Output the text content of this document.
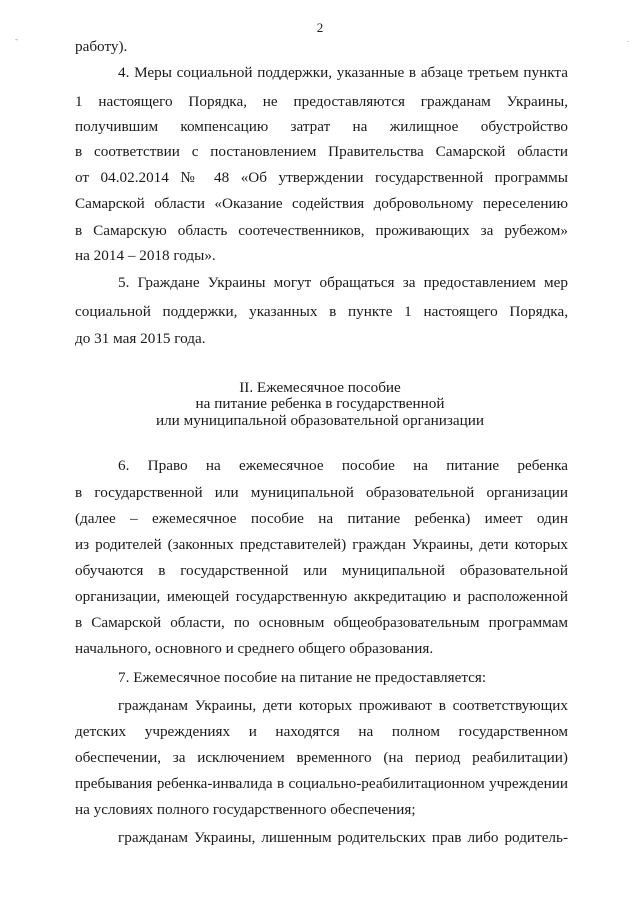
2
-	.
работу).
4. Меры социальной поддержки, указанные в абзаце третьем пункта
1 настоящего Порядка, не предоставляются гражданам Украины,
получившим компенсацию затрат на жилищное обустройство
в соответствии с постановлением Правительства Самарской области
от 04.02.2014 № 48 «Об утверждении государственной программы
Самарской области «Оказание содействия добровольному переселению
в Самарскую область соотечественников, проживающих за рубежом»
на 2014 – 2018 годы».
5. Граждане Украины могут обращаться за предоставлением мер
социальной поддержки, указанных в пункте 1 настоящего Порядка,
до 31 мая 2015 года.
II. Ежемесячное пособие
на питание ребенка в государственной
или муниципальной образовательной организации
6. Право на ежемесячное пособие на питание ребенка
в государственной или муниципальной образовательной организации
(далее – ежемесячное пособие на питание ребенка) имеет один
из родителей (законных представителей) граждан Украины, дети которых
обучаются в государственной или муниципальной образовательной
организации, имеющей государственную аккредитацию и расположенной
в Самарской области, по основным общеобразовательным программам
начального, основного и среднего общего образования.
7. Ежемесячное пособие на питание не предоставляется:
гражданам Украины, дети которых проживают в соответствующих
детских учреждениях и находятся на полном государственном
обеспечении, за исключением временного (на период реабилитации)
пребывания ребенка-инвалида в социально-реабилитационном учреждении
на условиях полного государственного обеспечения;
гражданам Украины, лишенным родительских прав либо родитель-
